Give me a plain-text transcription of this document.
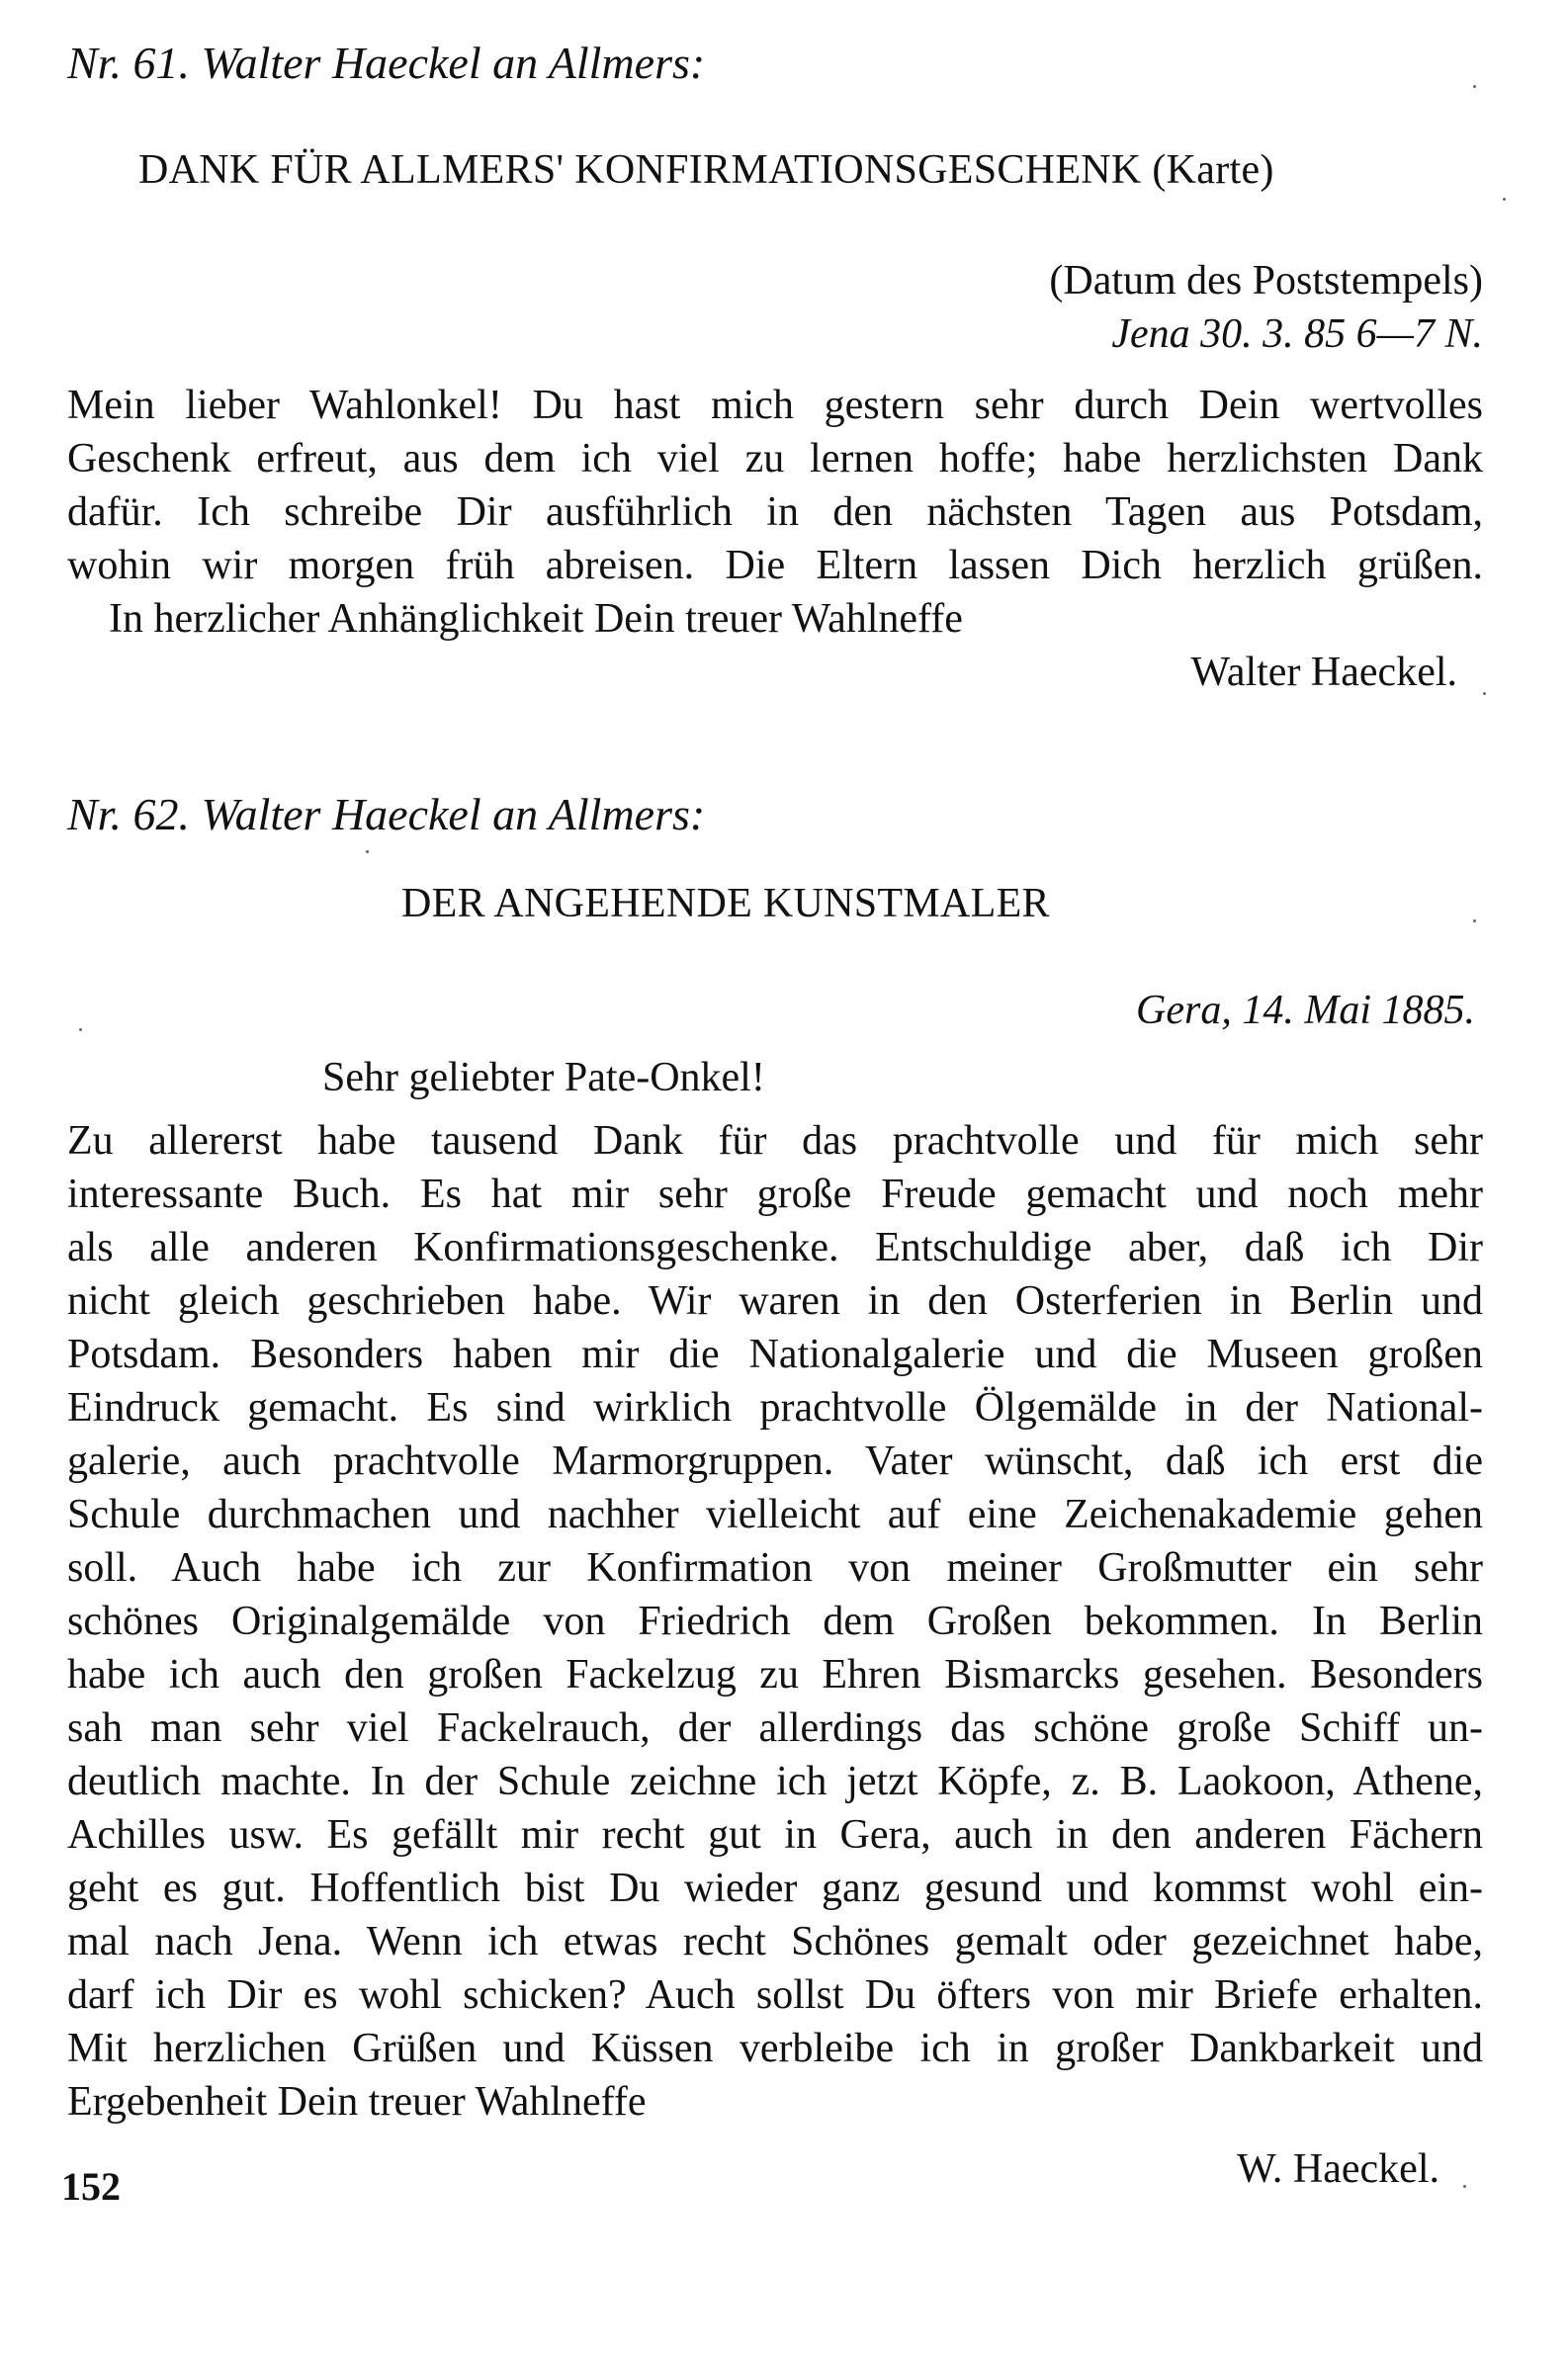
Nr. 61. Walter Haeckel an Allmers:
DANK FÜR ALLMERS' KONFIRMATIONSGESCHENK (Karte)
(Datum des Poststempels)
Jena 30. 3. 85 6—7 N.
Mein lieber Wahlonkel! Du hast mich gestern sehr durch Dein wertvolles
Geschenk erfreut, aus dem ich viel zu lernen hoffe; habe herzlichsten Dank
dafür. Ich schreibe Dir ausführlich in den nächsten Tagen aus Potsdam,
wohin wir morgen früh abreisen. Die Eltern lassen Dich herzlich grüßen.
In herzlicher Anhänglichkeit Dein treuer Wahlneffe
Walter Haeckel.
Nr. 62. Walter Haeckel an Allmers:
DER ANGEHENDE KUNSTMALER
Gera, 14. Mai 1885.
Sehr geliebter Pate-Onkel!
Zu allererst habe tausend Dank für das prachtvolle und für mich sehr
interessante Buch. Es hat mir sehr große Freude gemacht und noch mehr
als alle anderen Konfirmationsgeschenke. Entschuldige aber, daß ich Dir
nicht gleich geschrieben habe. Wir waren in den Osterferien in Berlin und
Potsdam. Besonders haben mir die Nationalgalerie und die Museen großen
Eindruck gemacht. Es sind wirklich prachtvolle Ölgemälde in der National-
galerie, auch prachtvolle Marmorgruppen. Vater wünscht, daß ich erst die
Schule durchmachen und nachher vielleicht auf eine Zeichenakademie gehen
soll. Auch habe ich zur Konfirmation von meiner Großmutter ein sehr
schönes Originalgemälde von Friedrich dem Großen bekommen. In Berlin
habe ich auch den großen Fackelzug zu Ehren Bismarcks gesehen. Besonders
sah man sehr viel Fackelrauch, der allerdings das schöne große Schiff un-
deutlich machte. In der Schule zeichne ich jetzt Köpfe, z. B. Laokoon, Athene,
Achilles usw. Es gefällt mir recht gut in Gera, auch in den anderen Fächern
geht es gut. Hoffentlich bist Du wieder ganz gesund und kommst wohl ein-
mal nach Jena. Wenn ich etwas recht Schönes gemalt oder gezeichnet habe,
darf ich Dir es wohl schicken? Auch sollst Du öfters von mir Briefe erhalten.
Mit herzlichen Grüßen und Küssen verbleibe ich in großer Dankbarkeit und
Ergebenheit Dein treuer Wahlneffe
W. Haeckel.
152
